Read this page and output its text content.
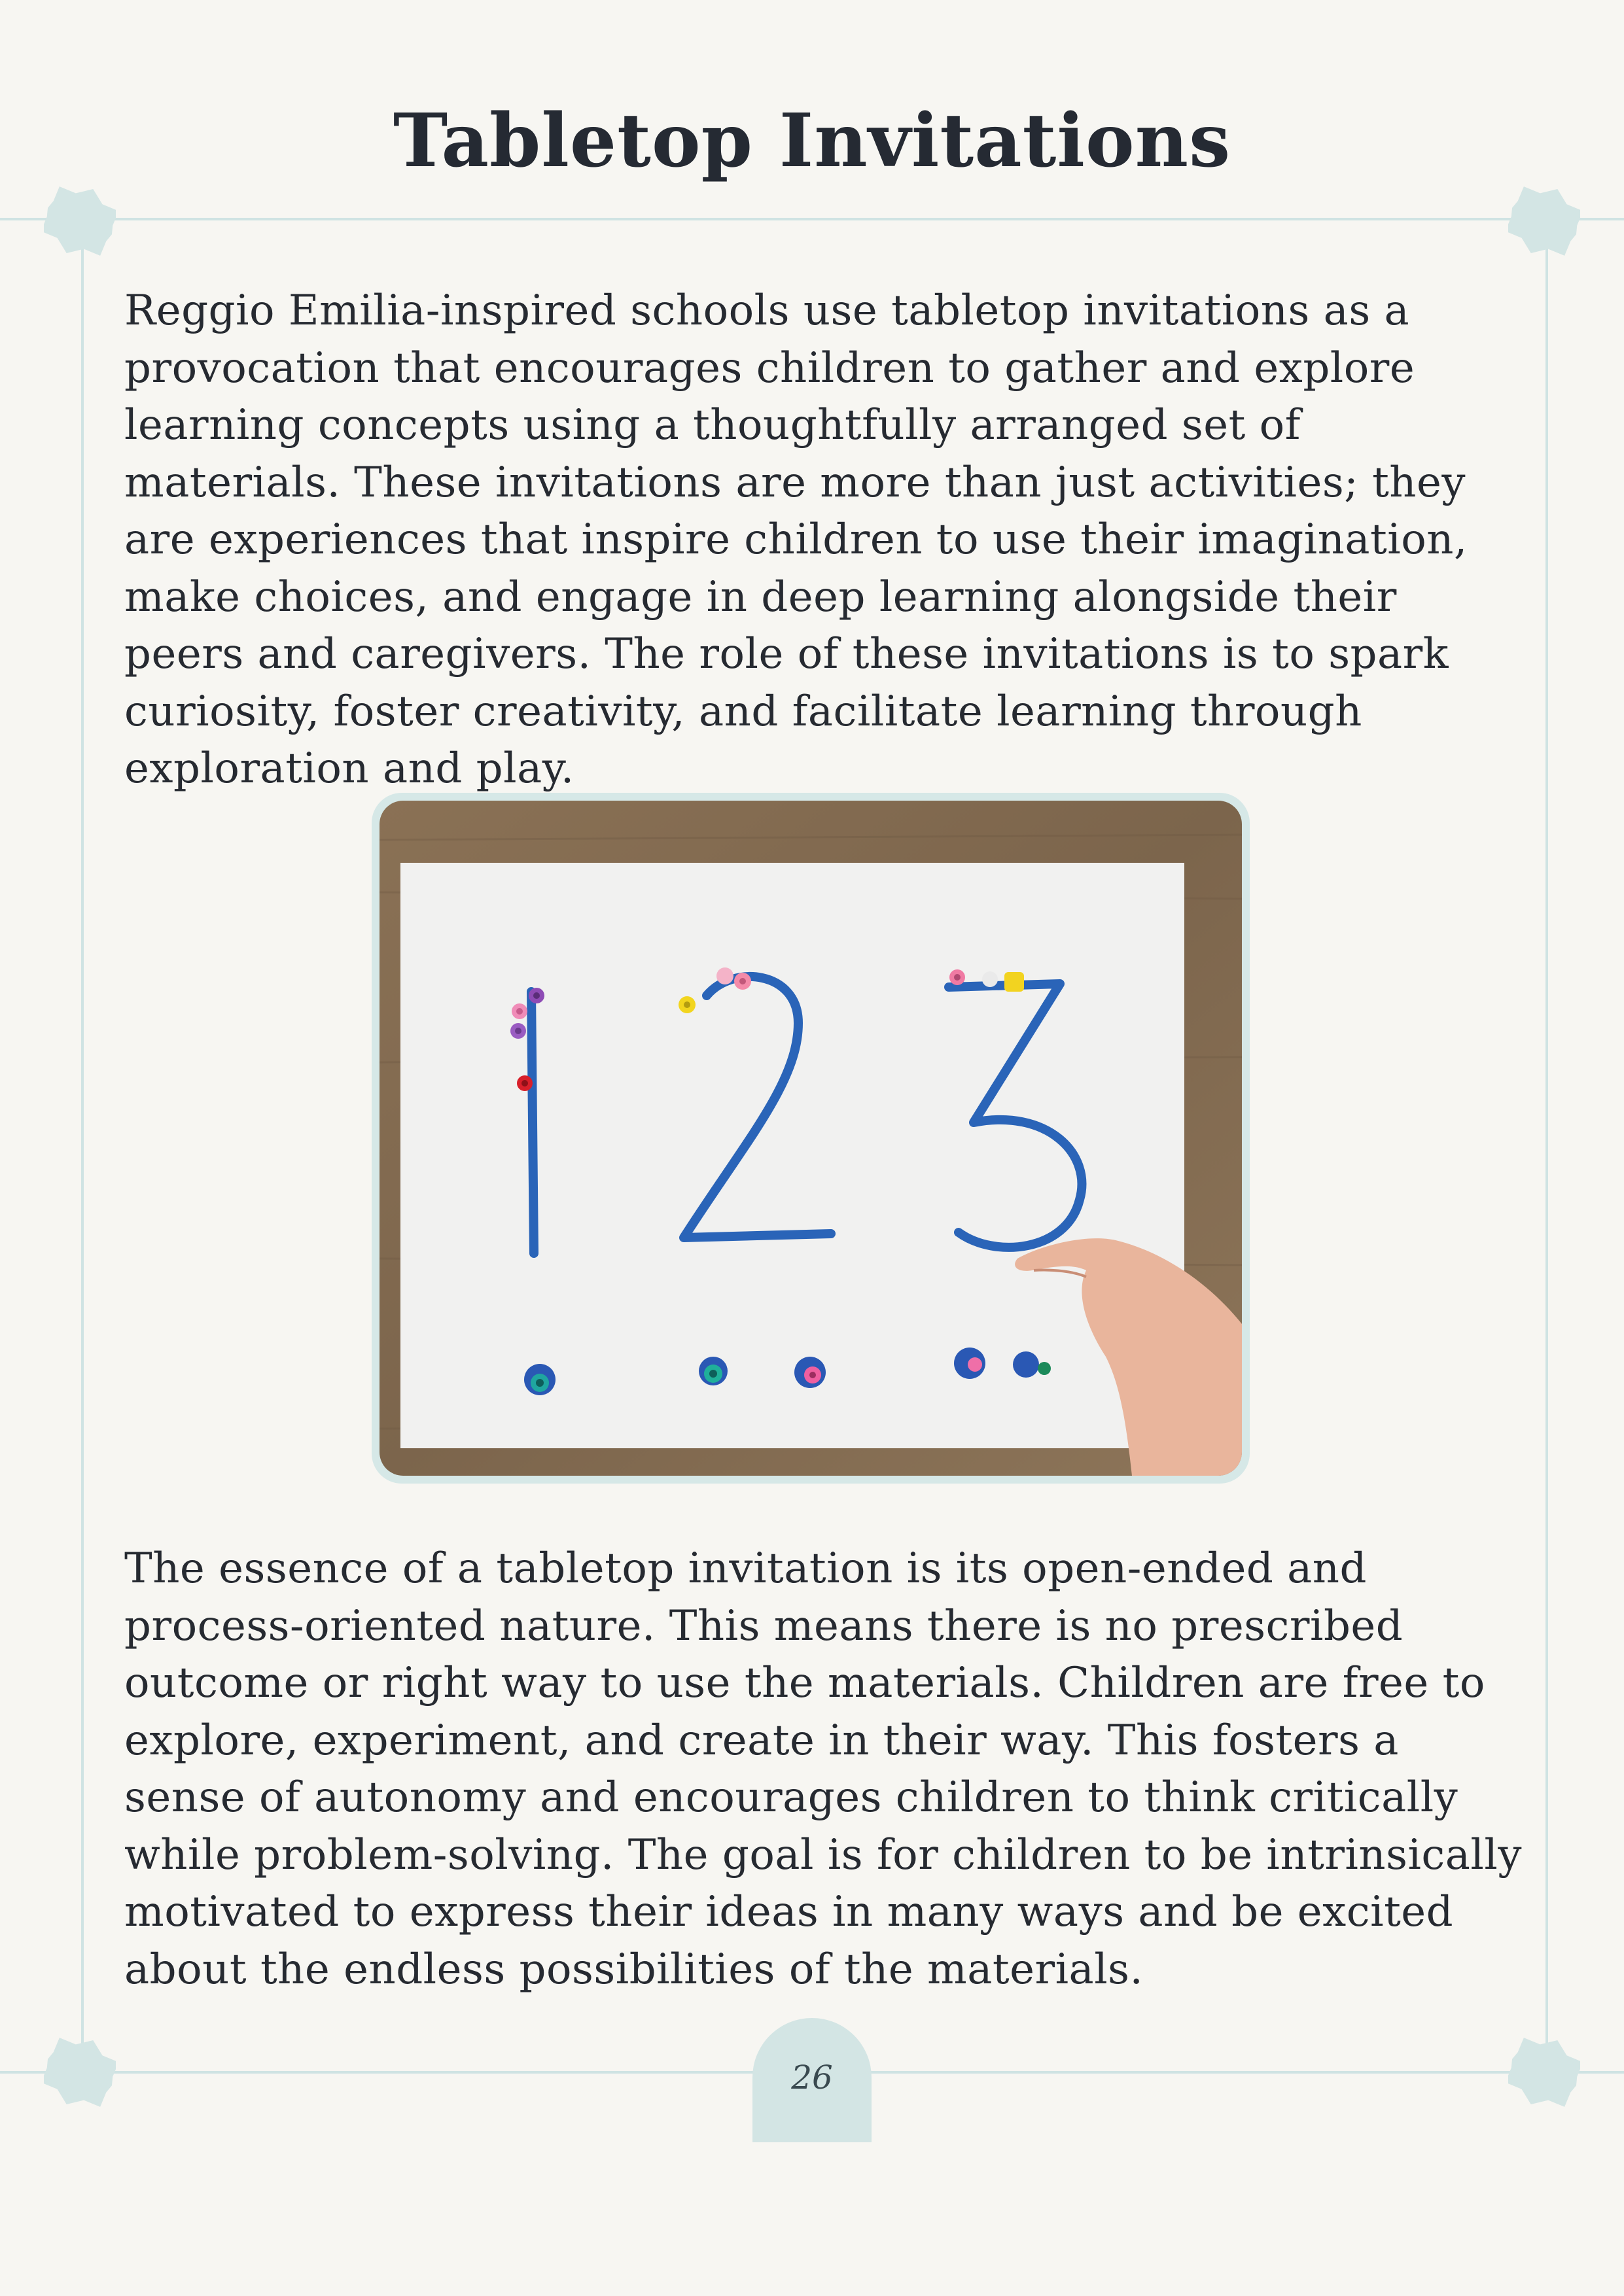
Tabletop Invitations

Reggio Emilia-inspired schools use tabletop invitations as a provocation that encourages children to gather and explore learning concepts using a thoughtfully arranged set of materials. These invitations are more than just activities; they are experiences that inspire children to use their imagination, make choices, and engage in deep learning alongside their peers and caregivers. The role of these invitations is to spark curiosity, foster creativity, and facilitate learning through exploration and play.

The essence of a tabletop invitation is its open-ended and process-oriented nature. This means there is no prescribed outcome or right way to use the materials. Children are free to explore, experiment, and create in their way. This fosters a sense of autonomy and encourages children to think critically while problem-solving. The goal is for children to be intrinsically motivated to express their ideas in many ways and be excited about the endless possibilities of the materials.

26
